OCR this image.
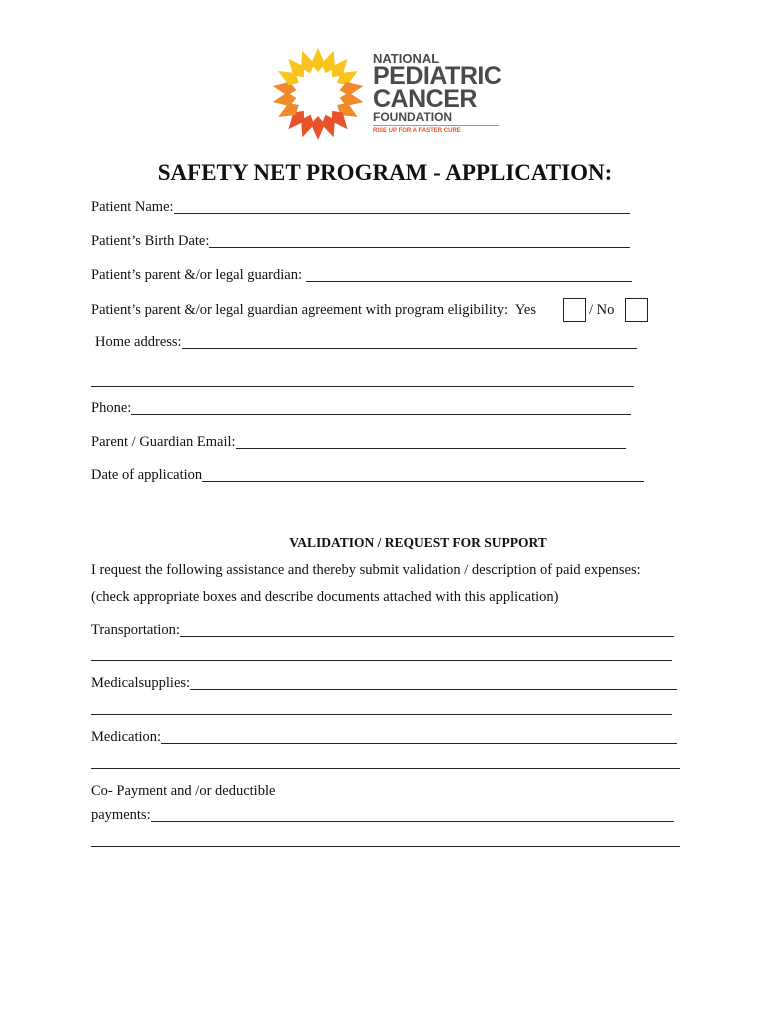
NATIONAL
PEDIATRIC
CANCER
FOUNDATION
RISE UP FOR A FASTER CURE
SAFETY NET PROGRAM - APPLICATION:
Patient Name:
Patient’s Birth Date:
Patient’s parent &/or legal guardian:
Patient’s parent &/or legal guardian agreement with program eligibility:  Yes	/ No
Home address:
Phone:
Parent / Guardian Email:
Date of application
VALIDATION / REQUEST FOR SUPPORT
I request the following assistance and thereby submit validation / description of paid expenses:
(check appropriate boxes and describe documents attached with this application)
Transportation:
Medicalsupplies:
Medication:
Co- Payment and /or deductible
payments:
